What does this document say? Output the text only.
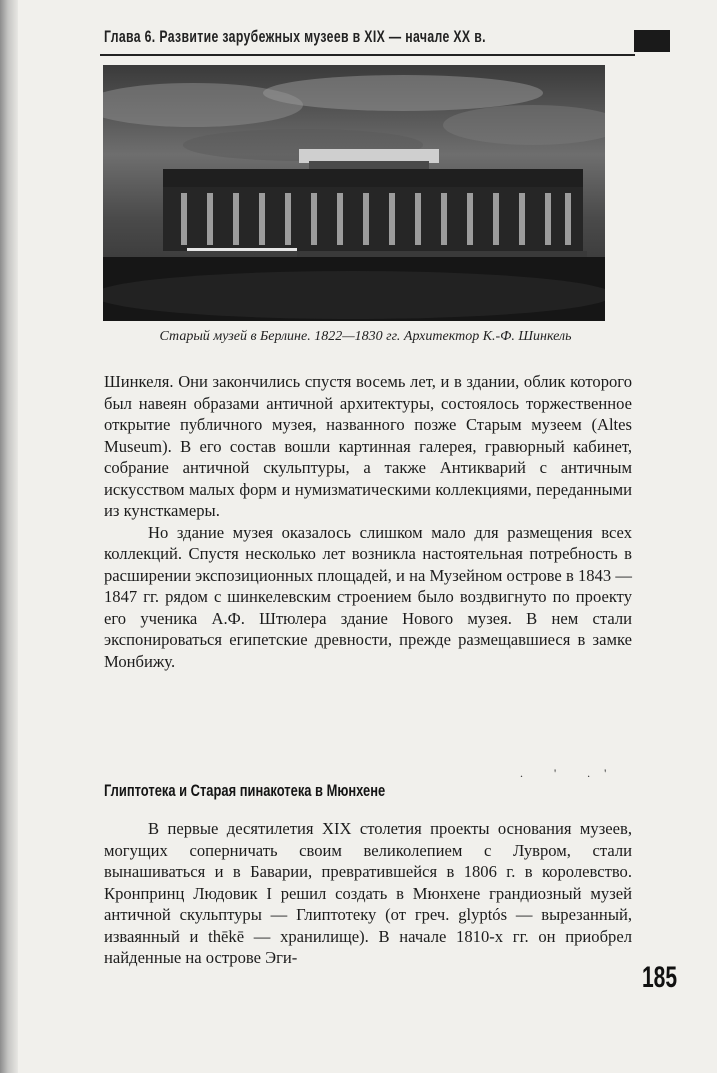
Глава 6. Развитие зарубежных музеев в XIX — начале XX в.
Старый музей в Берлине. 1822—1830 гг. Архитектор К.-Ф. Шинкель

Шинкеля. Они закончились спустя восемь лет, и в здании, облик которого был навеян образами античной архитектуры, состоялось торжественное открытие публичного музея, названного позже Старым музеем (Altes Museum). В его состав вошли картинная галерея, гравюрный кабинет, собрание античной скульптуры, а также Антикварий с античным искусством малых форм и нумизматическими коллекциями, переданными из кунсткамеры.

Но здание музея оказалось слишком мало для размещения всех коллекций. Спустя несколько лет возникла настоятельная потребность в расширении экспозиционных площадей, и на Музейном острове в 1843 — 1847 гг. рядом с шинкелевским строением было воздвигнуто по проекту его ученика А.Ф. Штюлера здание Нового музея. В нем стали экспонироваться египетские древности, прежде размещавшиеся в замке Монбижу.

. ' .'
Глиптотека и Старая пинакотека в Мюнхене

В первые десятилетия XIX столетия проекты основания музеев, могущих соперничать своим великолепием с Лувром, стали вынашиваться и в Баварии, превратившейся в 1806 г. в королевство. Кронпринц Людовик I решил создать в Мюнхене грандиозный музей античной скульптуры — Глиптотеку (от греч. glyptós — вырезанный, изваянный и thēkē — хранилище). В начале 1810-х гг. он приобрел найденные на острове Эги-

185
